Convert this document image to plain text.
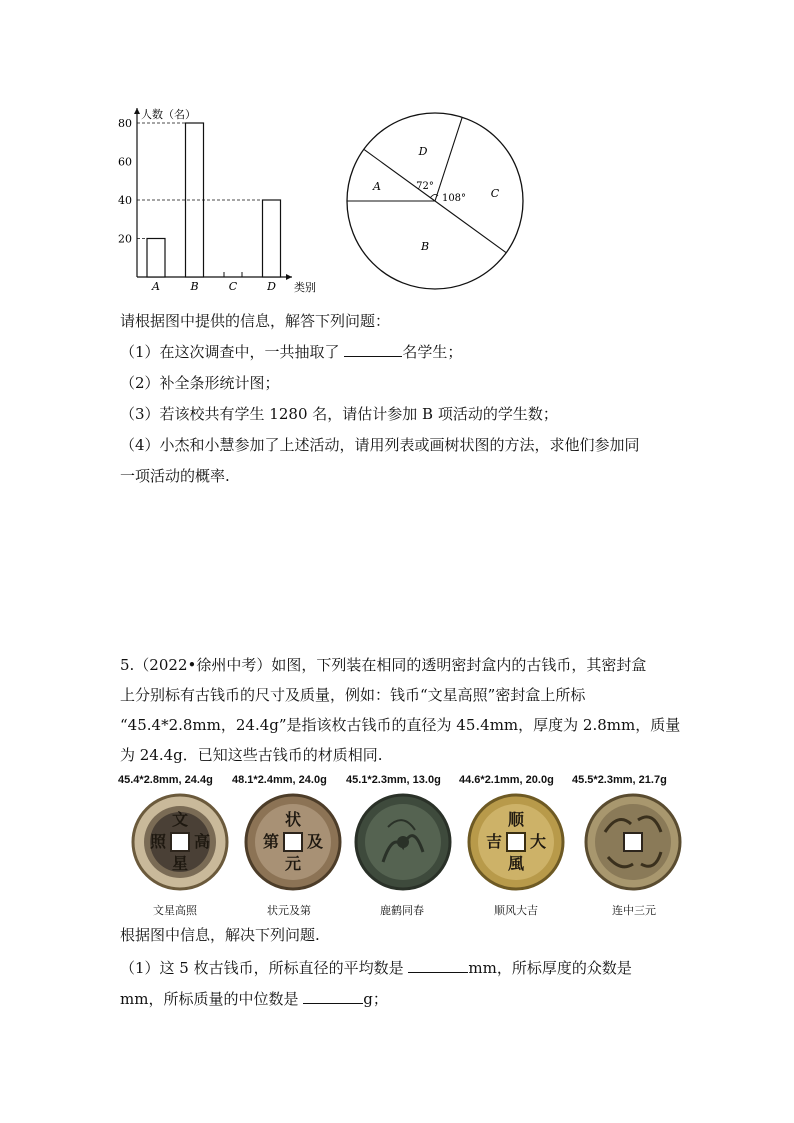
人数（名）
类别
20
40
60
80
A	B	C	D
A
B
C
D
72°
108°
请根据图中提供的信息，解答下列问题：
（1）在这次调查中，一共抽取了	名学生；
（2）补全条形统计图；
（3）若该校共有学生 1280 名，请估计参加 B 项活动的学生数；
（4）小杰和小慧参加了上述活动，请用列表或画树状图的方法，求他们参加同
一项活动的概率.
5.（2022•徐州中考）如图，下列装在相同的透明密封盒内的古钱币，其密封盒
上分别标有古钱币的尺寸及质量，例如：钱币“文星高照”密封盒上所标
“45.4*2.8mm，24.4g”是指该枚古钱币的直径为 45.4mm，厚度为 2.8mm，质量
为 24.4g．已知这些古钱币的材质相同.
45.4*2.8mm, 24.4g 48.1*2.4mm, 24.0g 45.1*2.3mm, 13.0g 44.6*2.1mm, 20.0g 45.5*2.3mm, 21.7g
文
星
高
照
状
元
及
第
顺
風
大
吉
文星高照	状元及第	鹿鹤同春	顺风大吉	连中三元
根据图中信息，解决下列问题.
（1）这 5 枚古钱币，所标直径的平均数是	mm，所标厚度的众数是
mm，所标质量的中位数是	g；
